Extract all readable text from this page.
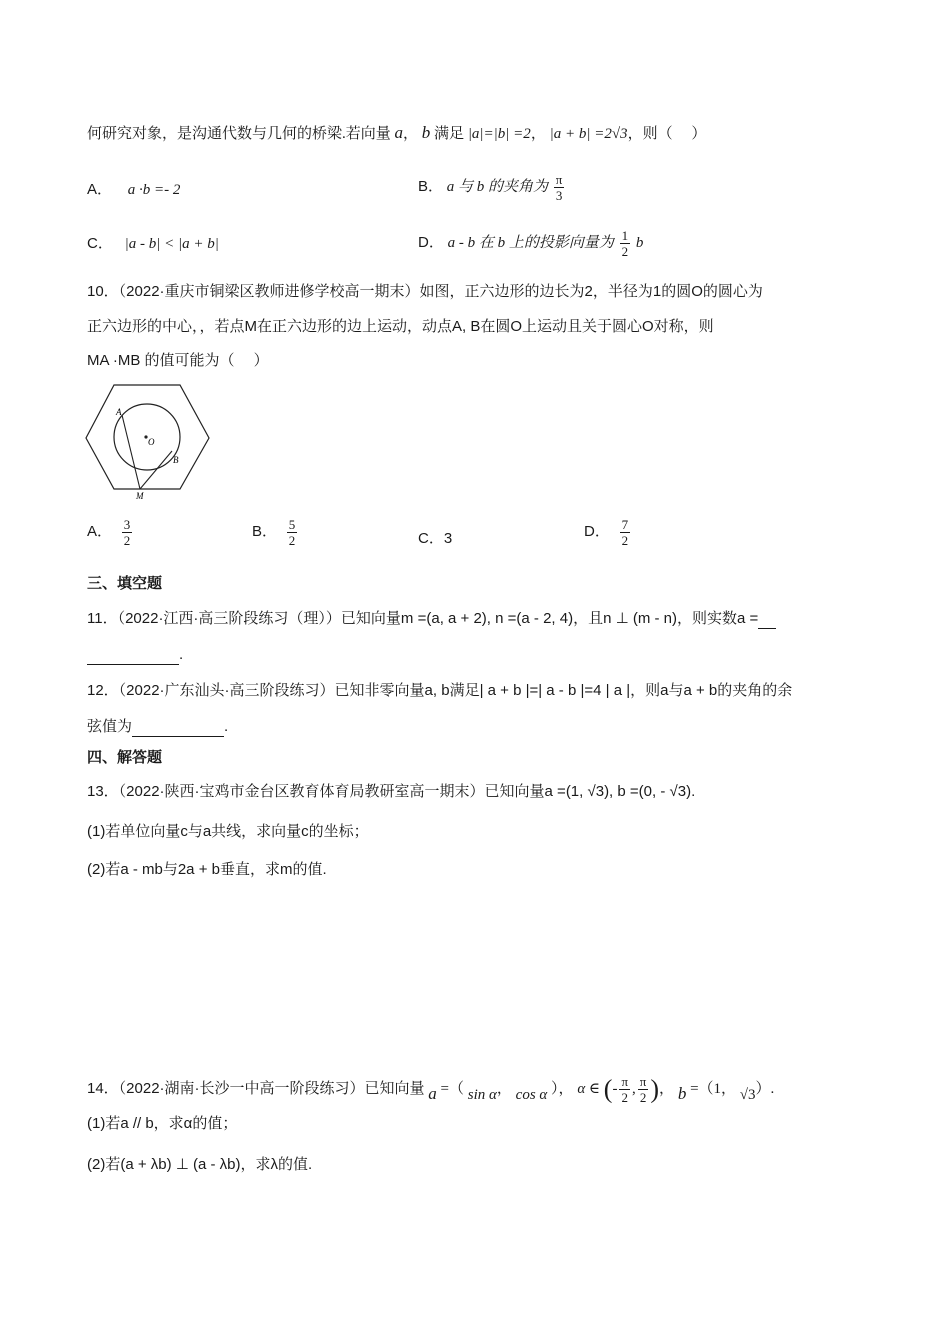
何研究对象，是沟通代数与几何的桥梁.若向量 a， b 满足 |a|=|b| =2， |a + b| =2√3，则（　 ）
A． a ·b =- 2	B． a 与 b 的夹角为 $\frac{\pi}{3}$
C． |a - b| < |a + b|	D． a - b 在 b 上的投影向量为 $\frac{1}{2}$ b
10．（2022·重庆市铜梁区教师进修学校高一期末）如图，正六边形的边长为2，半径为1的圆O的圆心为
正六边形的中心，，若点M在正六边形的边上运动，动点A, B在圆O上运动且关于圆心O对称，则
MA ·MB 的值可能为（　 ）
A
O
B
M
A． $\frac{3}{2}$	B． $\frac{5}{2}$	C．3	D． $\frac{7}{2}$
三、填空题
11．（2022·江西·高三阶段练习（理））已知向量m =(a, a + 2), n =(a - 2, 4)，且n ⊥ (m - n)，则实数a =
.
12．（2022·广东汕头·高三阶段练习）已知非零向量a, b满足| a + b |=| a - b |=4 | a |，则a与a + b的夹角的余
弦值为	.
四、解答题
13．（2022·陕西·宝鸡市金台区教育体育局教研室高一期末）已知向量a =(1, √3), b =(0, - √3).
(1)若单位向量c与a共线，求向量c的坐标；
(2)若a - mb与2a + b垂直，求m的值.
14．（2022·湖南·长沙一中高一阶段练习）已知向量 a =（ sin α， cos α ）， α ∈ (- $\frac{\pi}{2}$ , $\frac{\pi}{2}$ )， b =（1， √3）.
(1)若a // b，求α的值；
(2)若(a + λb) ⊥ (a - λb)，求λ的值.
